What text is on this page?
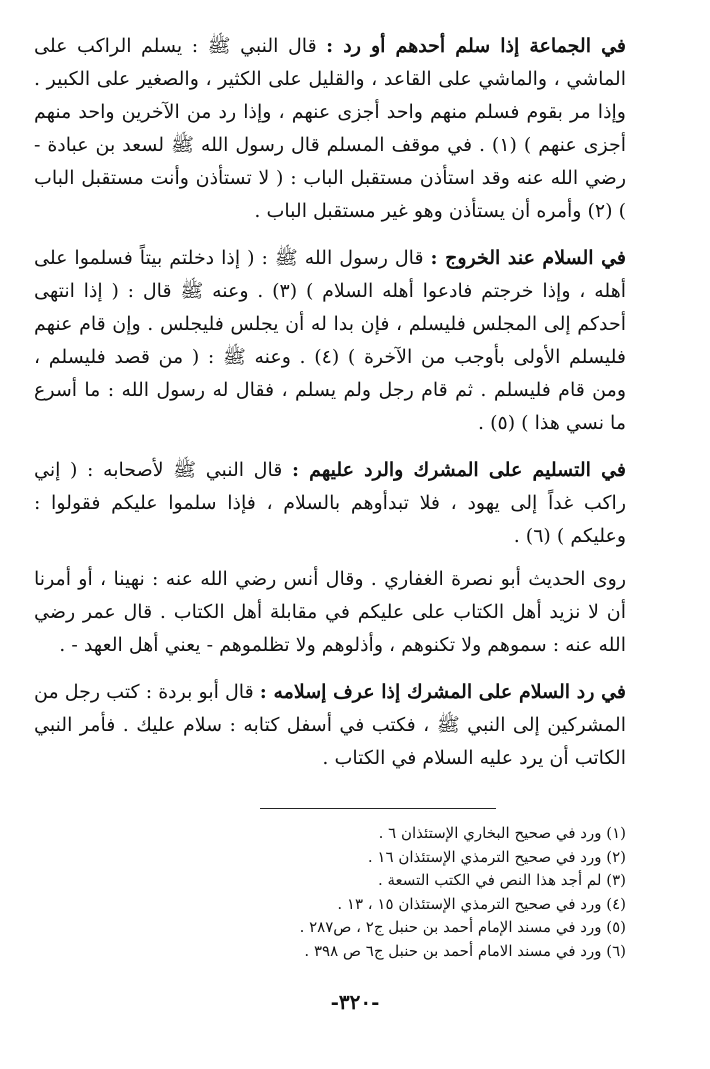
في الجماعة إذا سلم أحدهم أو رد : قال النبي ﷺ : يسلم الراكب على الماشي ، والماشي على القاعد ، والقليل على الكثير ، والصغير على الكبير . وإذا مر بقوم فسلم منهم واحد أجزى عنهم ، وإذا رد من الآخرين واحد منهم أجزى عنهم ) (١) . في موقف المسلم قال رسول الله ﷺ لسعد بن عبادة - رضي الله عنه وقد استأذن مستقبل الباب : ( لا تستأذن وأنت مستقبل الباب ) (٢) وأمره أن يستأذن وهو غير مستقبل الباب .

في السلام عند الخروج : قال رسول الله ﷺ : ( إذا دخلتم بيتاً فسلموا على أهله ، وإذا خرجتم فادعوا أهله السلام ) (٣) . وعنه ﷺ قال : ( إذا انتهى أحدكم إلى المجلس فليسلم ، فإن بدا له أن يجلس فليجلس . وإن قام عنهم فليسلم الأولى بأوجب من الآخرة ) (٤) . وعنه ﷺ : ( من قصد فليسلم ، ومن قام فليسلم . ثم قام رجل ولم يسلم ، فقال له رسول الله : ما أسرع ما نسي هذا ) (٥) .

في التسليم على المشرك والرد عليهم : قال النبي ﷺ لأصحابه : ( إني راكب غداً إلى يهود ، فلا تبدأوهم بالسلام ، فإذا سلموا عليكم فقولوا : وعليكم ) (٦) .

روى الحديث أبو نصرة الغفاري . وقال أنس رضي الله عنه : نهينا ، أو أمرنا أن لا نزيد أهل الكتاب على عليكم في مقابلة أهل الكتاب . قال عمر رضي الله عنه : سموهم ولا تكنوهم ، وأذلوهم ولا تظلموهم - يعني أهل العهد - .

في رد السلام على المشرك إذا عرف إسلامه : قال أبو بردة : كتب رجل من المشركين إلى النبي ﷺ ، فكتب في أسفل كتابه : سلام عليك . فأمر النبي الكاتب أن يرد عليه السلام في الكتاب .

(١) ورد في صحيح البخاري الإستئذان ٦ .
(٢) ورد في صحيح الترمذي الإستئذان ١٦ .
(٣) لم أجد هذا النص في الكتب التسعة .
(٤) ورد في صحيح الترمذي الإستئذان ١٥ ، ١٣ .
(٥) ورد في مسند الإمام أحمد بن حنبل ج٢ ، ص٢٨٧ .
(٦) ورد في مسند الامام أحمد بن حنبل ج٦ ص ٣٩٨ .
-٣٢٠-
